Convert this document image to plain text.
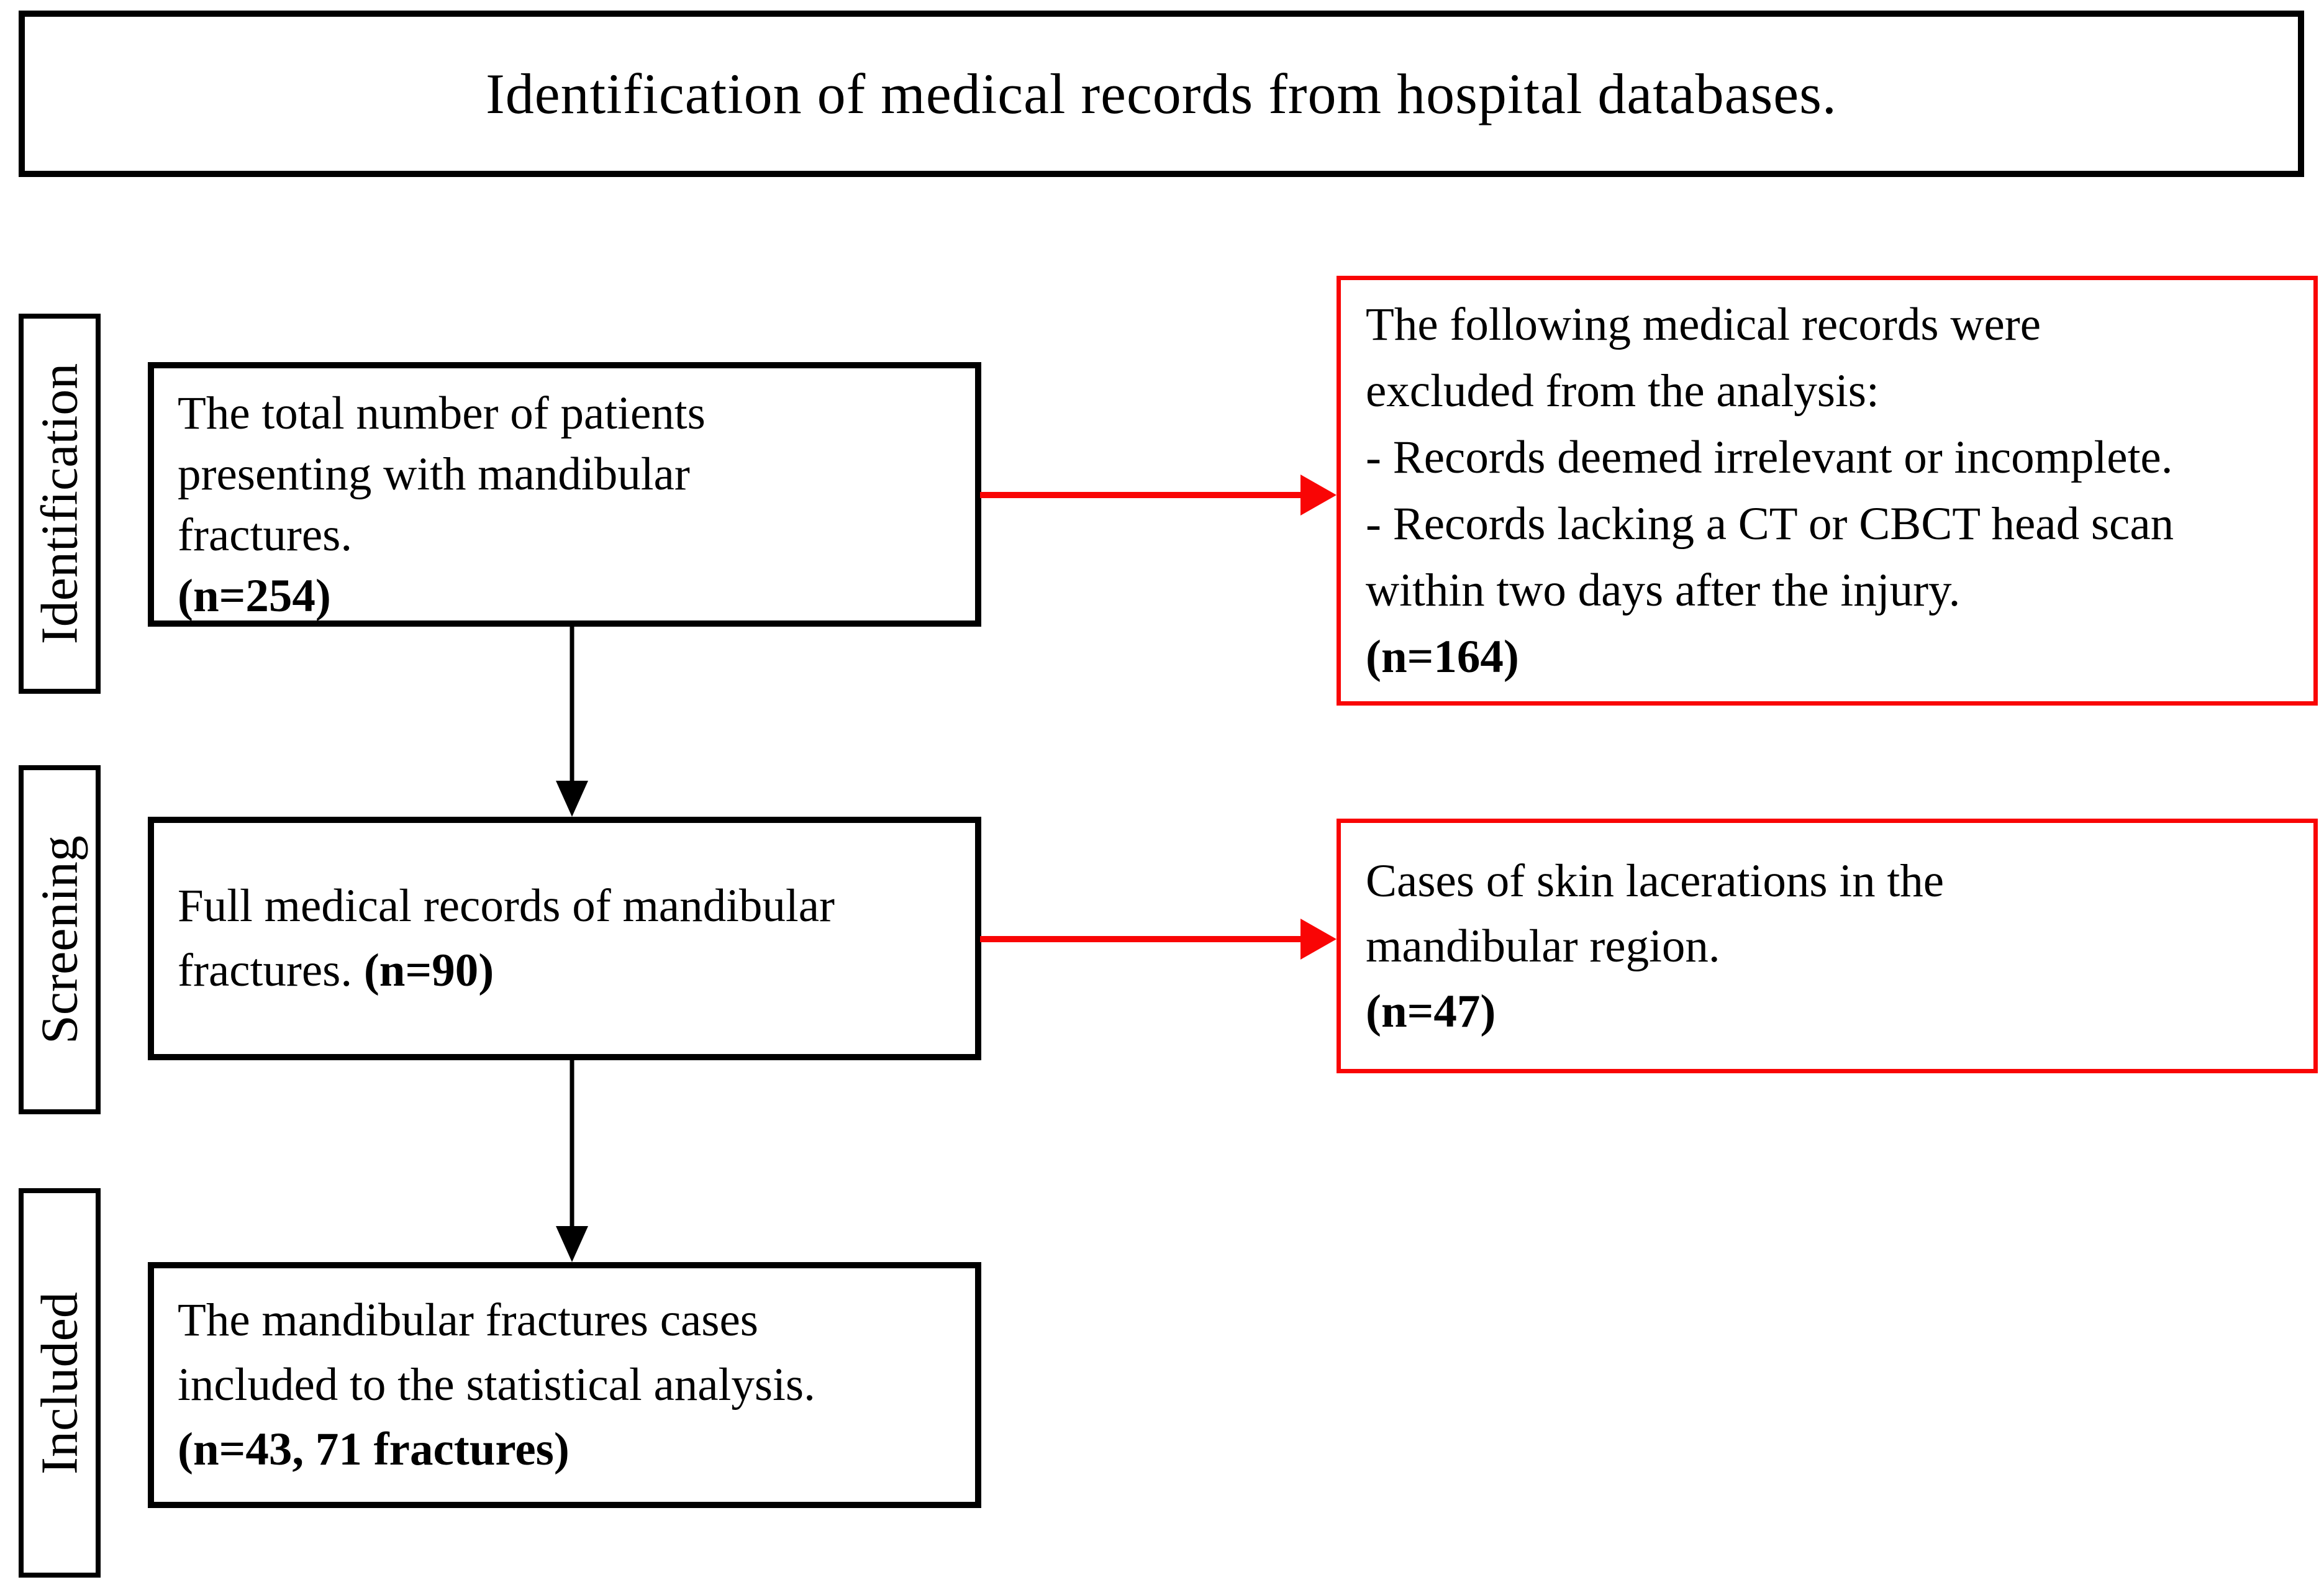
Identification of medical records from hospital databases.
Identification
Screening
Included
The total number of patients
presenting with mandibular
fractures.
(n=254)
Full medical records of mandibular
fractures. (n=90)
The mandibular fractures cases
included to the statistical analysis.
(n=43, 71 fractures)
The following medical records were
excluded from the analysis:
- Records deemed irrelevant or incomplete.
- Records lacking a CT or CBCT head scan
within two days after the injury.
(n=164)
Cases of skin lacerations in the
mandibular region.
(n=47)
